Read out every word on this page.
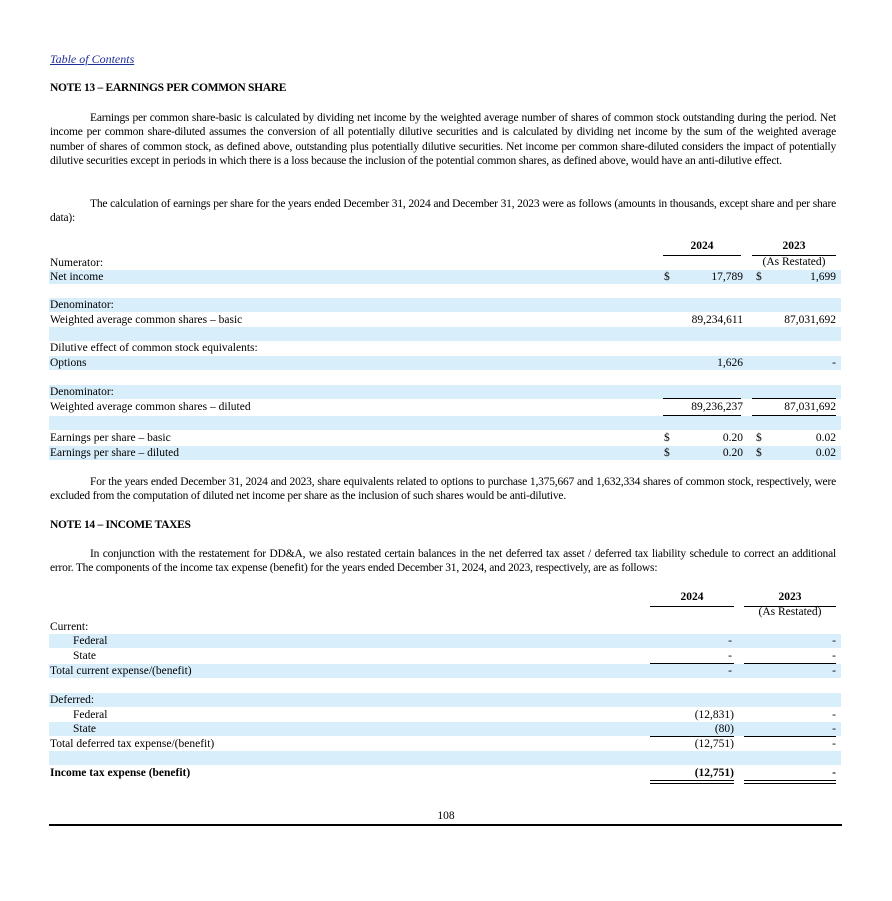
Table of Contents
NOTE 13 – EARNINGS PER COMMON SHARE
Earnings per common share-basic is calculated by dividing net income by the weighted average number of shares of common stock outstanding during the period. Net income per common share-diluted assumes the conversion of all potentially dilutive securities and is calculated by dividing net income by the sum of the weighted average number of shares of common stock, as defined above, outstanding plus potentially dilutive securities. Net income per common share-diluted considers the impact of potentially dilutive securities except in periods in which there is a loss because the inclusion of the potential common shares, as defined above, would have an anti-dilutive effect.
The calculation of earnings per share for the years ended December 31, 2024 and December 31, 2023 were as follows (amounts in thousands, except share and per share data):
2024	2023
(As Restated)
Numerator:
Net income	$	17,789 $	1,699
Denominator:
Weighted average common shares – basic	89,234,611	87,031,692
Dilutive effect of common stock equivalents:
Options	1,626	-
Denominator:
Weighted average common shares – diluted	89,236,237	87,031,692
Earnings per share – basic	$	0.20 $	0.02
Earnings per share – diluted	$	0.20 $	0.02
For the years ended December 31, 2024 and 2023, share equivalents related to options to purchase 1,375,667 and 1,632,334 shares of common stock, respectively, were excluded from the computation of diluted net income per share as the inclusion of such shares would be anti-dilutive.
NOTE 14 – INCOME TAXES
In conjunction with the restatement for DD&A, we also restated certain balances in the net deferred tax asset / deferred tax liability schedule to correct an additional error. The components of the income tax expense (benefit) for the years ended December 31, 2024, and 2023, respectively, are as follows:
2024	2023
(As Restated)
Current:
Federal	-	-
State	-	-
Total current expense/(benefit)	-	-
Deferred:
Federal	(12,831)	-
State	(80)	-
Total deferred tax expense/(benefit)	(12,751)	-
Income tax expense (benefit)	(12,751)	-
108
